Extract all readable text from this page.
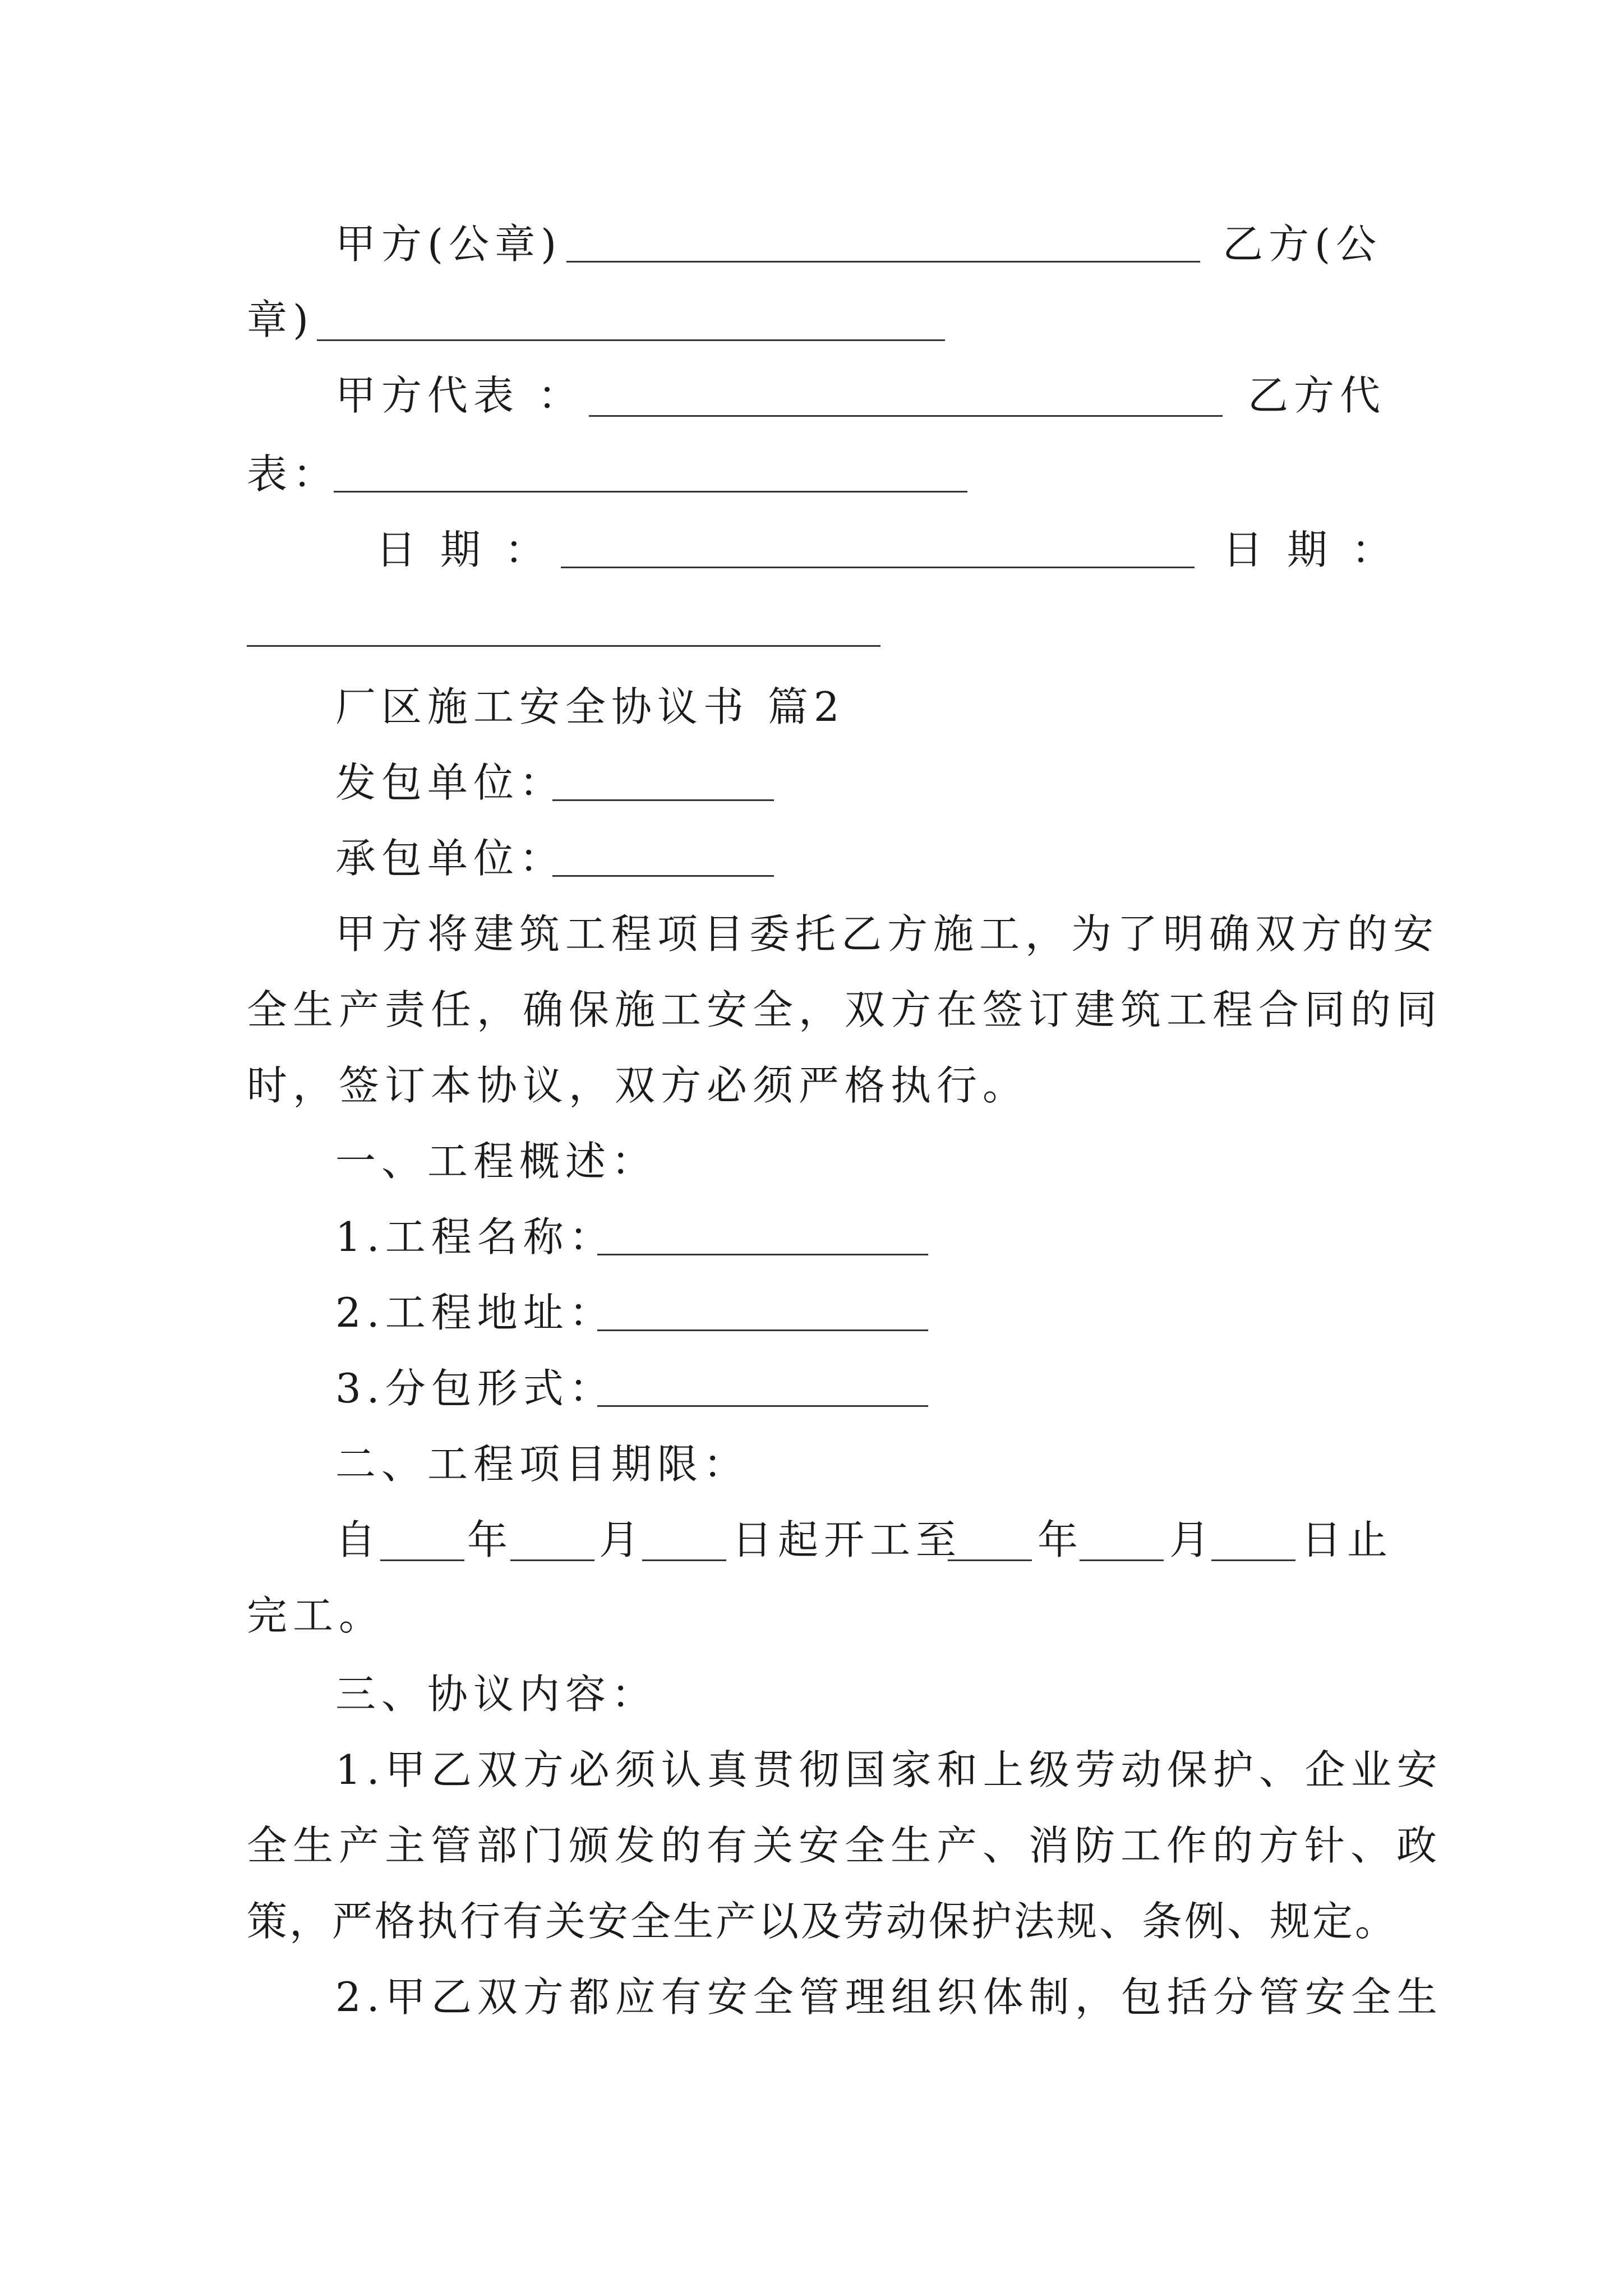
甲方(公章)	乙方(公
章)
甲方代表 ：	乙方代
表：
日 期 ：	日 期 ：
厂区施工安全协议书 篇2
发包单位：
承包单位：
甲方将建筑工程项目委托乙方施工，为了明确双方的安
全生产责任，确保施工安全，双方在签订建筑工程合同的同
时，签订本协议，双方必须严格执行。
一、工程概述：
1.工程名称：
2.工程地址：
3.分包形式：
二、工程项目期限：
自 年 月 日起开工至 年 月 日止
完工。
三、协议内容：
1.甲乙双方必须认真贯彻国家和上级劳动保护、企业安
全生产主管部门颁发的有关安全生产、消防工作的方针、政
策，严格执行有关安全生产以及劳动保护法规、条例、规定。
2.甲乙双方都应有安全管理组织体制，包括分管安全生
